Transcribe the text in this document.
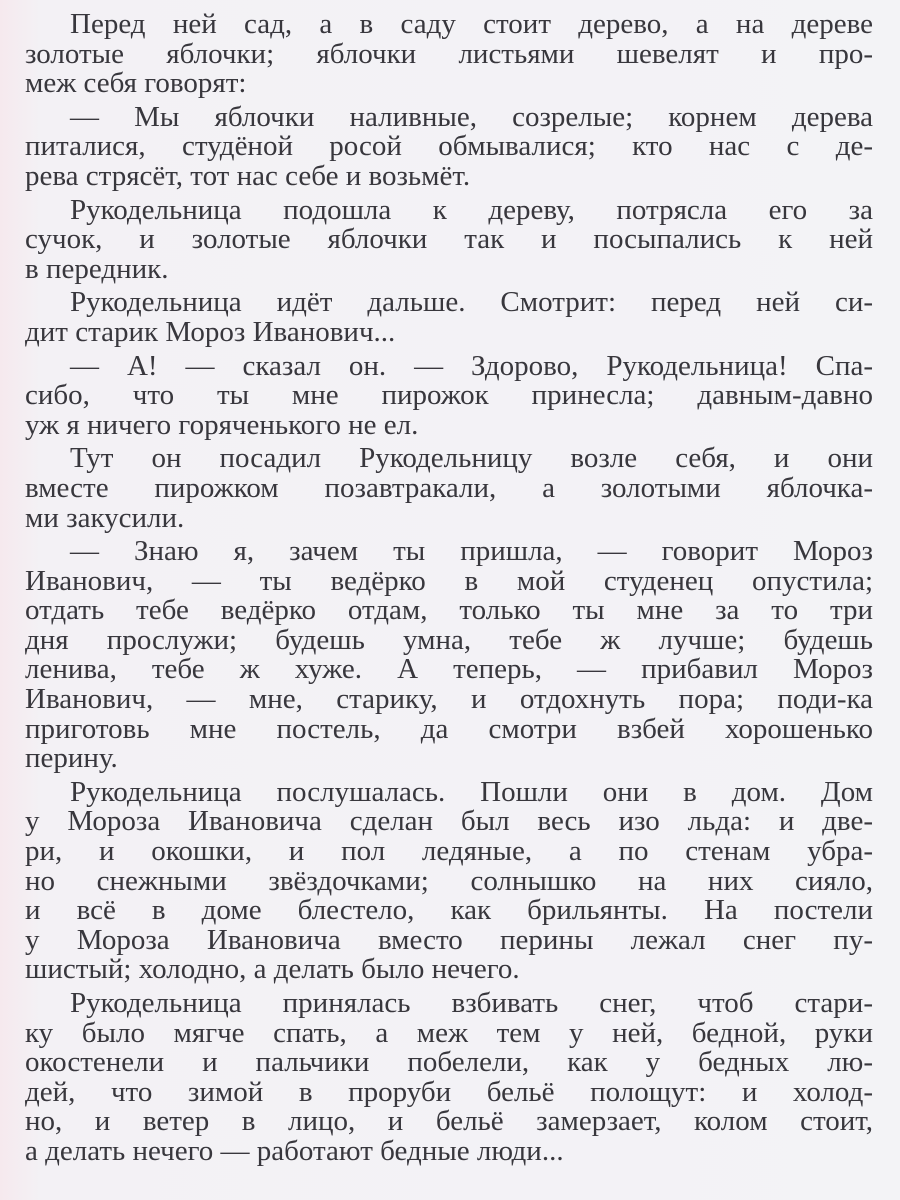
Перед ней сад, а в саду стоит дерево, а на дереве
золотые яблочки; яблочки листьями шевелят и про-
меж себя говорят:
— Мы яблочки наливные, созрелые; корнем дерева
питалися, студёной росой обмывалися; кто нас с де-
рева стрясёт, тот нас себе и возьмёт.
Рукодельница подошла к дереву, потрясла его за
сучок, и золотые яблочки так и посыпались к ней
в передник.
Рукодельница идёт дальше. Смотрит: перед ней си-
дит старик Мороз Иванович...
— А! — сказал он. — Здорово, Рукодельница! Спа-
сибо, что ты мне пирожок принесла; давным-давно
уж я ничего горяченького не ел.
Тут он посадил Рукодельницу возле себя, и они
вместе пирожком позавтракали, а золотыми яблочка-
ми закусили.
— Знаю я, зачем ты пришла, — говорит Мороз
Иванович, — ты ведёрко в мой студенец опустила;
отдать тебе ведёрко отдам, только ты мне за то три
дня прослужи; будешь умна, тебе ж лучше; будешь
ленива, тебе ж хуже. А теперь, — прибавил Мороз
Иванович, — мне, старику, и отдохнуть пора; поди-ка
приготовь мне постель, да смотри взбей хорошенько
перину.
Рукодельница послушалась. Пошли они в дом. Дом
у Мороза Ивановича сделан был весь изо льда: и две-
ри, и окошки, и пол ледяные, а по стенам убра-
но снежными звёздочками; солнышко на них сияло,
и всё в доме блестело, как брильянты. На постели
у Мороза Ивановича вместо перины лежал снег пу-
шистый; холодно, а делать было нечего.
Рукодельница принялась взбивать снег, чтоб стари-
ку было мягче спать, а меж тем у ней, бедной, руки
окостенели и пальчики побелели, как у бедных лю-
дей, что зимой в проруби бельё полощут: и холод-
но, и ветер в лицо, и бельё замерзает, колом стоит,
а делать нечего — работают бедные люди...
